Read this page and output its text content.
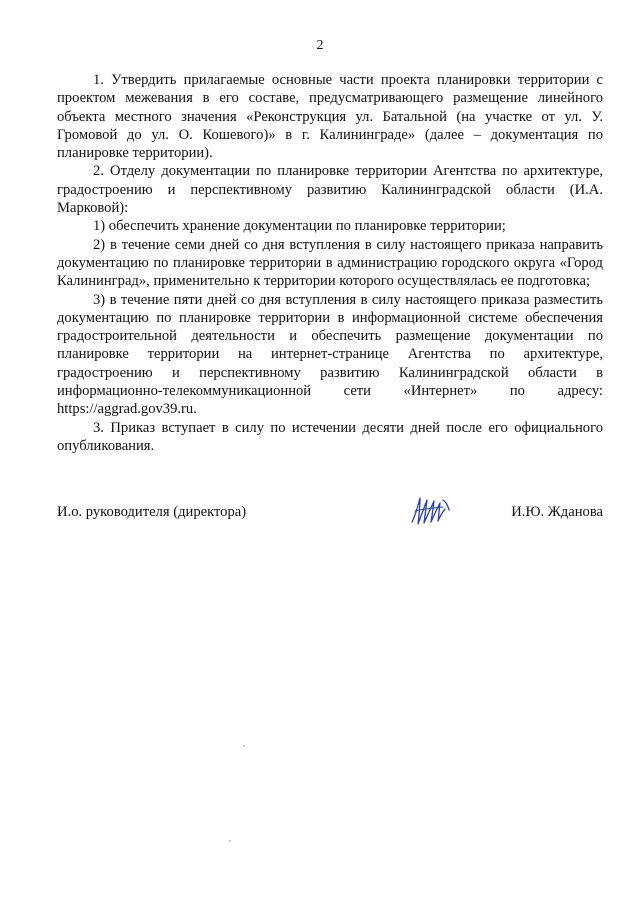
2

1. Утвердить прилагаемые основные части проекта планировки территории с проектом межевания в его составе, предусматривающего размещение линейного объекта местного значения «Реконструкция ул. Батальной (на участке от ул. У. Громовой до ул. О. Кошевого)» в г. Калининграде» (далее – документация по планировке территории).

2. Отделу документации по планировке территории Агентства по архитектуре, градостроению и перспективному развитию Калининградской области (И.А. Марковой):

1) обеспечить хранение документации по планировке территории;

2) в течение семи дней со дня вступления в силу настоящего приказа направить документацию по планировке территории в администрацию городского округа «Город Калининград», применительно к территории которого осуществлялась ее подготовка;

3) в течение пяти дней со дня вступления в силу настоящего приказа разместить документацию по планировке территории в информационной системе обеспечения градостроительной деятельности и обеспечить размещение документации по планировке территории на интернет-странице Агентства по архитектуре, градостроению и перспективному развитию Калининградской области в информационно-телекоммуникационной сети «Интернет» по адресу: https://aggrad.gov39.ru.

3. Приказ вступает в силу по истечении десяти дней после его официального опубликования.

И.о. руководителя (директора)	И.Ю. Жданова
